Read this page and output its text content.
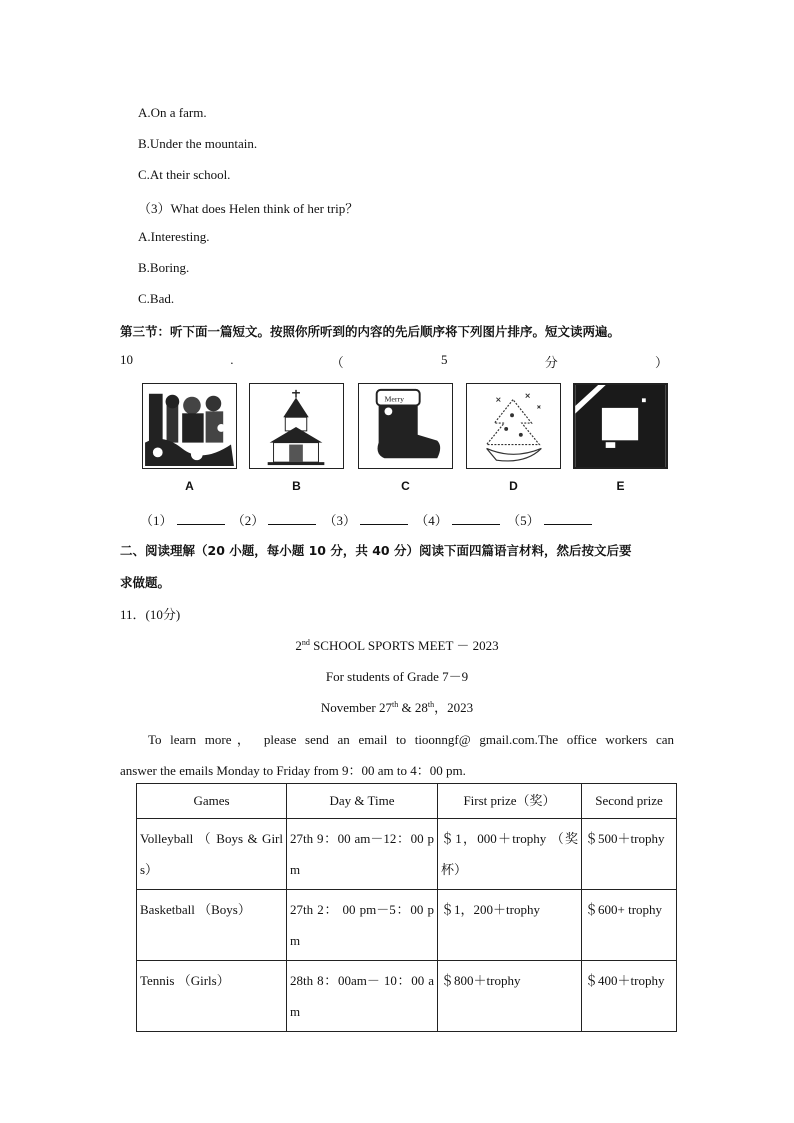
A.On a farm.
B.Under the mountain.
C.At their school.
（3）What does Helen think of her trip？
A.Interesting.
B.Boring.
C.Bad.
第三节：听下面一篇短文。按照你所听到的内容的先后顺序将下列图片排序。短文读两遍。
10	.	（	5	分	）
A	B
Merry
C	D	E
（1）	（2）	（3）	（4）	（5）
二、阅读理解（20 小题，每小题 10 分，共 40 分）阅读下面四篇语言材料，然后按文后要
求做题。
11．(10分)
2nd SCHOOL SPORTS MEET － 2023
For students of Grade 7－9
November 27th & 28th，2023
To learn more， please send an email to tioonngf@ gmail.com.The office workers can
answer the emails Monday to Friday from 9：00 am to 4：00 pm.
Games	Day & Time	First prize（奖）	Second prize
Volleyball （ Boys & Girls）	27th 9：00 am－12：00 pm	＄1，000＋trophy （奖杯）	＄500＋trophy
Basketball （Boys）	27th 2： 00 pm－5：00 pm	＄1，200＋trophy	＄600+ trophy
Tennis （Girls）	28th 8：00am－ 10：00 am	＄800＋trophy	＄400＋trophy
